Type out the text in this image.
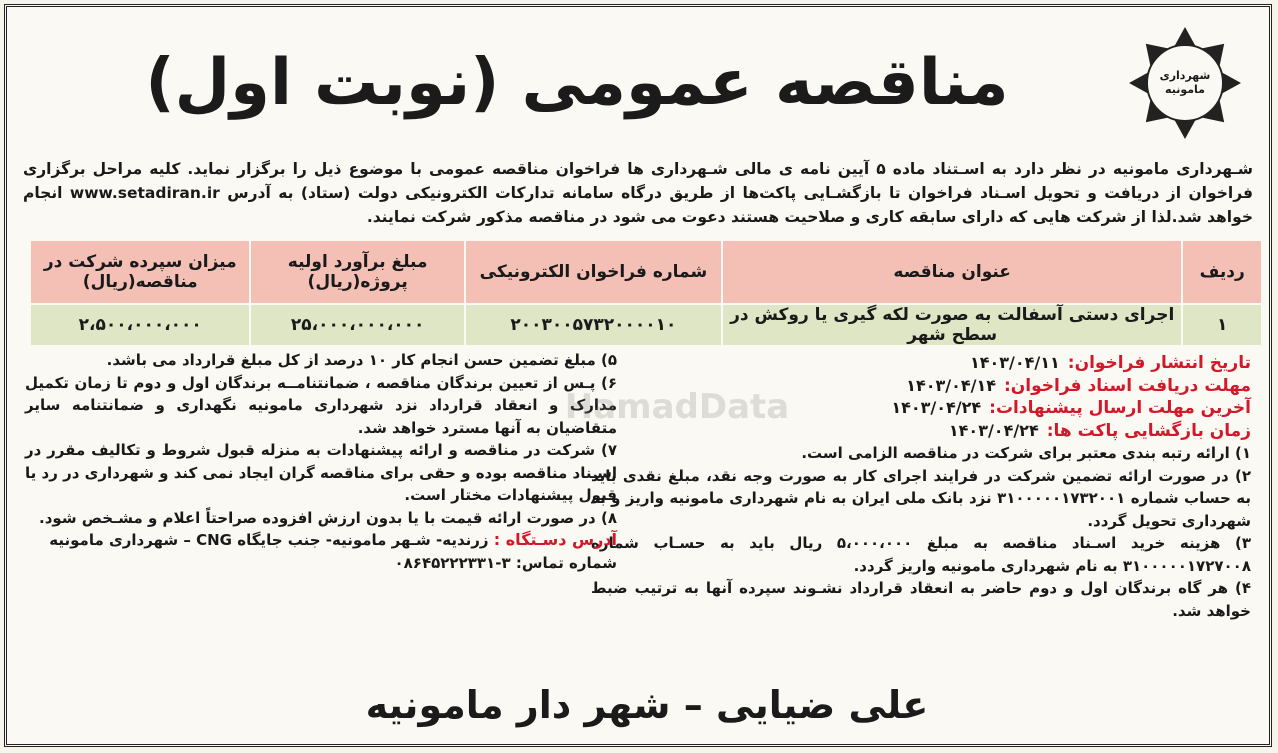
شهرداری
مامونیه
مناقصه عمومی (نوبت اول)

شـهرداری مامونیه در نظر دارد به اسـتناد ماده ۵ آیین نامه ی مالی شـهرداری ها فراخوان مناقصه عمومی با موضوع ذیل را برگزار نماید. کلیه مراحل برگزاری فراخوان از دریافت و تحویل اسـناد فراخوان تا بازگشـایی پاکت‌ها از طریق درگاه سامانه تدارکات الکترونیکی دولت (ستاد) به آدرس www.setadiran.ir انجام خواهد شد.لذا از شرکت هایی که دارای سابقه کاری و صلاحیت هستند دعوت می شود در مناقصه مذکور شرکت نمایند.

ردیف	عنوان مناقصه	شماره فراخوان الکترونیکی	مبلغ برآورد اولیه پروژه(ریال)	میزان سپرده شرکت در مناقصه(ریال)
۱	اجرای دستی آسفالت به صورت لکه گیری یا روکش در سطح شهر	۲۰۰۳۰۰۵۷۳۲۰۰۰۰۱۰	۲۵،۰۰۰،۰۰۰،۰۰۰	۲،۵۰۰،۰۰۰،۰۰۰
تاریخ انتشار فراخوان:
۱۴۰۳/۰۴/۱۱
مهلت دریافت اسناد فراخوان:
۱۴۰۳/۰۴/۱۴
آخرین مهلت ارسال پیشنهادات:
۱۴۰۳/۰۴/۲۴
زمان بازگشایی پاکت ها:
۱۴۰۳/۰۴/۲۴

۱) ارائه رتبه بندی معتبر برای شرکت در مناقصه الزامی است.

۲) در صورت ارائه تضمین شرکت در فرایند اجرای کار به صورت وجه نقد، مبلغ نقدی باید به حساب شماره ۳۱۰۰۰۰۰۱۷۳۲۰۰۱ نزد بانک ملی ایران به نام شهرداری مامونیه واریز و به شهرداری تحویل گردد.

۳) هزینه خرید اسـناد مناقصه به مبلغ ۵،۰۰۰،۰۰۰ ریال باید به حسـاب شماره ۳۱۰۰۰۰۰۱۷۲۷۰۰۸ به نام شهرداری مامونیه واریز گردد.

۴) هر گاه برندگان اول و دوم حاضر به انعقاد قرارداد نشـوند سپرده آنها به ترتیب ضبط خواهد شد.

۵) مبلغ تضمین حسن انجام کار ۱۰ درصد از کل مبلغ قرارداد می باشد.

۶) پـس از تعیین برندگان مناقصه ، ضمانتنامــه برندگان اول و دوم تا زمان تکمیل مدارک و انعقاد قرارداد نزد شهرداری مامونیه نگهداری و ضمانتنامه سایر متقاضیان به آنها مسترد خواهد شد.

۷) شرکت در مناقصه و ارائه پیشنهادات به منزله قبول شروط و تکالیف مقرر در اسـناد مناقصه بوده و حقی برای مناقصه گران ایجاد نمی کند و شهرداری در رد یا قبول پیشنهادات مختار است.

۸) در صورت ارائه قیمت با یا بدون ارزش افزوده صراحتاً اعلام و مشـخص شود.

آدرس دسـتگاه : زرندیه- شـهر مامونیه- جنب جایگاه CNG – شهرداری مامونیه

شماره تماس: ۳-۰۸۶۴۵۲۲۲۳۳۱

HamadData
علی ضیایی – شهر دار مامونیه
